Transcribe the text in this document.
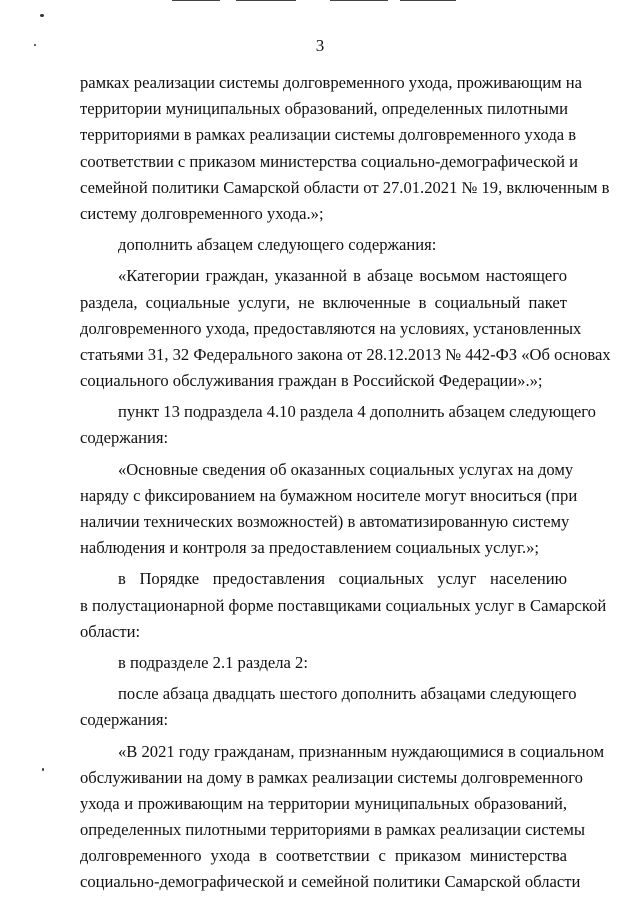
3
рамках реализации системы долговременного ухода, проживающим на
территории муниципальных образований, определенных пилотными
территориями в рамках реализации системы долговременного ухода в
соответствии с приказом министерства социально-демографической и
семейной политики Самарской области от 27.01.2021 № 19, включенным в
систему долговременного ухода.»;
дополнить абзацем следующего содержания:
«Категории граждан, указанной в абзаце восьмом настоящего
раздела, социальные услуги, не включенные в социальный пакет
долговременного ухода, предоставляются на условиях, установленных
статьями 31, 32 Федерального закона от 28.12.2013 № 442-ФЗ «Об основах
социального обслуживания граждан в Российской Федерации».»;
пункт 13 подраздела 4.10 раздела 4 дополнить абзацем следующего
содержания:
«Основные сведения об оказанных социальных услугах на дому
наряду с фиксированием на бумажном носителе могут вноситься (при
наличии технических возможностей) в автоматизированную систему
наблюдения и контроля за предоставлением социальных услуг.»;
в Порядке предоставления социальных услуг населению
в полустационарной форме поставщиками социальных услуг в Самарской
области:
в подразделе 2.1 раздела 2:
после абзаца двадцать шестого дополнить абзацами следующего
содержания:
«В 2021 году гражданам, признанным нуждающимися в социальном
обслуживании на дому в рамках реализации системы долговременного
ухода и проживающим на территории муниципальных образований,
определенных пилотными территориями в рамках реализации системы
долговременного ухода в соответствии с приказом министерства
социально-демографической и семейной политики Самарской области
